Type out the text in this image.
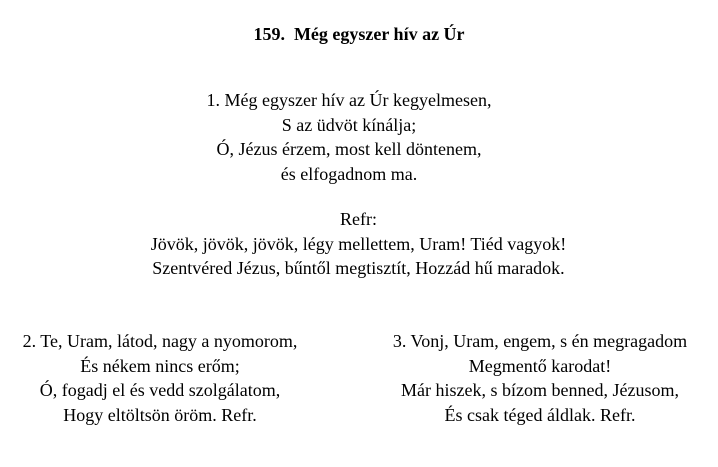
159. Még egyszer hív az Úr
1. Még egyszer hív az Úr kegyelmesen,
S az üdvöt kínálja;
Ó, Jézus érzem, most kell döntenem,
és elfogadnom ma.
Refr:
Jövök, jövök, jövök, légy mellettem, Uram! Tiéd vagyok!
Szentvéred Jézus, bűntől megtisztít, Hozzád hű maradok.
2. Te, Uram, látod, nagy a nyomorom,
És nékem nincs erőm;
Ó, fogadj el és vedd szolgálatom,
Hogy eltöltsön öröm. Refr.
3. Vonj, Uram, engem, s én megragadom
Megmentő karodat!
Már hiszek, s bízom benned, Jézusom,
És csak téged áldlak. Refr.
